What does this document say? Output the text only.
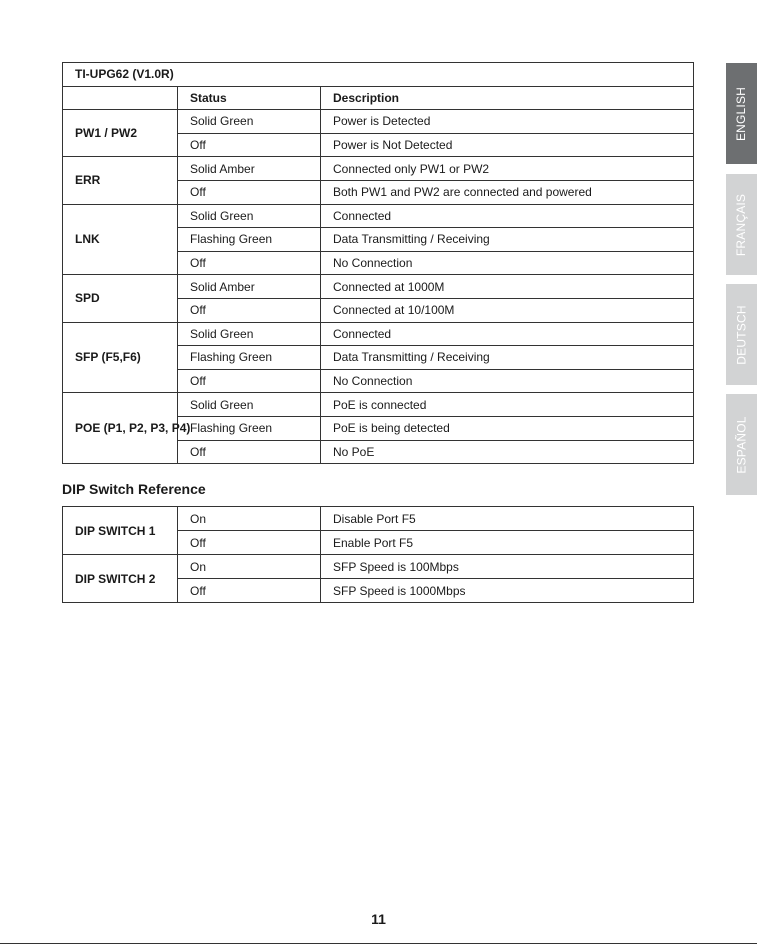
TI-UPG62 (V1.0R)		
	Status	Description
PW1 / PW2	Solid Green	Power is Detected
	Off	Power is Not Detected
ERR	Solid Amber	Connected only PW1 or PW2
	Off	Both PW1 and PW2 are connected and powered
LNK	Solid Green	Connected
	Flashing Green	Data Transmitting / Receiving
	Off	No Connection
SPD	Solid Amber	Connected at 1000M
	Off	Connected at 10/100M
SFP (F5,F6)	Solid Green	Connected
	Flashing Green	Data Transmitting / Receiving
	Off	No Connection
POE (P1, P2, P3, P4)	Solid Green	PoE is connected
	Flashing Green	PoE is being detected
	Off	No PoE
DIP Switch Reference
DIP SWITCH 1	On	Disable Port F5
	Off	Enable Port F5
DIP SWITCH 2	On	SFP Speed is 100Mbps
	Off	SFP Speed is 1000Mbps
ENGLISH
FRANÇAIS
DEUTSCH
ESPAÑOL
11
